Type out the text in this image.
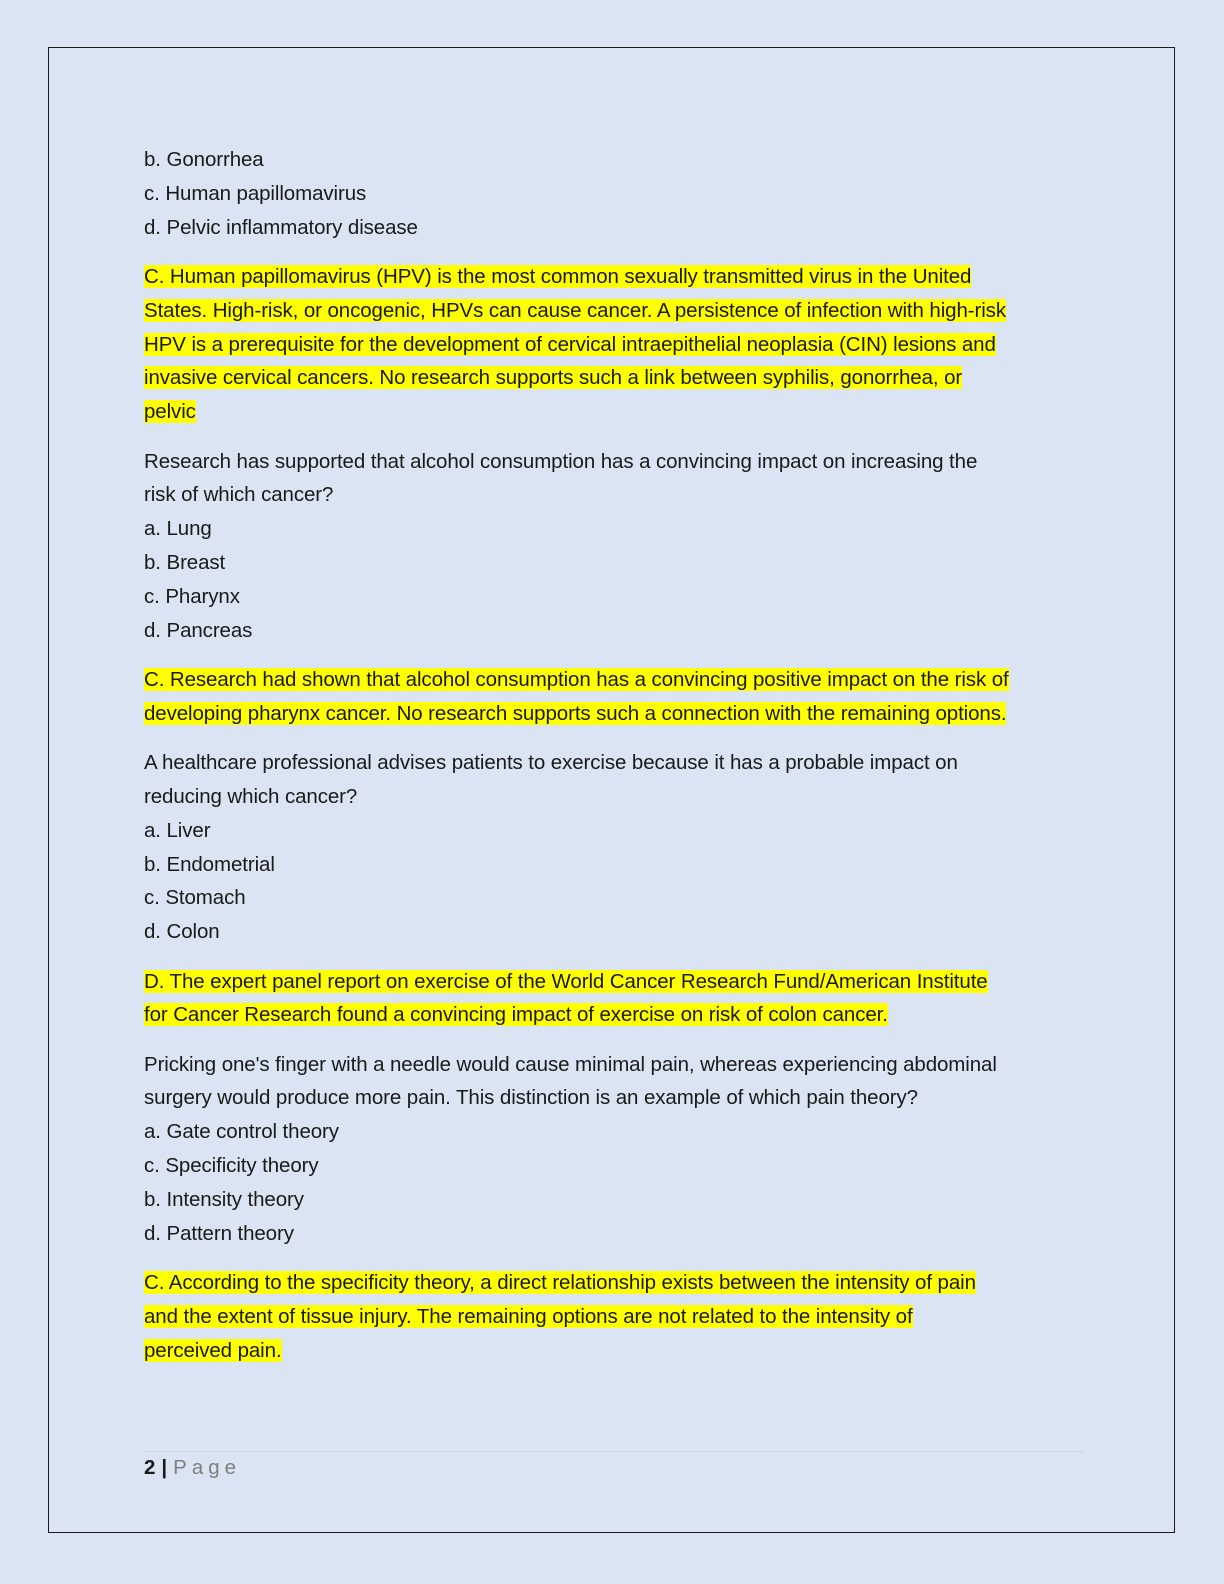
b. Gonorrhea
c. Human papillomavirus
d. Pelvic inflammatory disease
C. Human papillomavirus (HPV) is the most common sexually transmitted virus in the United
States. High-risk, or oncogenic, HPVs can cause cancer. A persistence of infection with high-risk
HPV is a prerequisite for the development of cervical intraepithelial neoplasia (CIN) lesions and
invasive cervical cancers. No research supports such a link between syphilis, gonorrhea, or
pelvic
Research has supported that alcohol consumption has a convincing impact on increasing the
risk of which cancer?
a. Lung
b. Breast
c. Pharynx
d. Pancreas
C. Research had shown that alcohol consumption has a convincing positive impact on the risk of
developing pharynx cancer. No research supports such a connection with the remaining options.
A healthcare professional advises patients to exercise because it has a probable impact on
reducing which cancer?
a. Liver
b. Endometrial
c. Stomach
d. Colon
D. The expert panel report on exercise of the World Cancer Research Fund/American Institute
for Cancer Research found a convincing impact of exercise on risk of colon cancer.
Pricking one's finger with a needle would cause minimal pain, whereas experiencing abdominal
surgery would produce more pain. This distinction is an example of which pain theory?
a. Gate control theory
c. Specificity theory
b. Intensity theory
d. Pattern theory
C. According to the specificity theory, a direct relationship exists between the intensity of pain
and the extent of tissue injury. The remaining options are not related to the intensity of
perceived pain.
2 | Page
